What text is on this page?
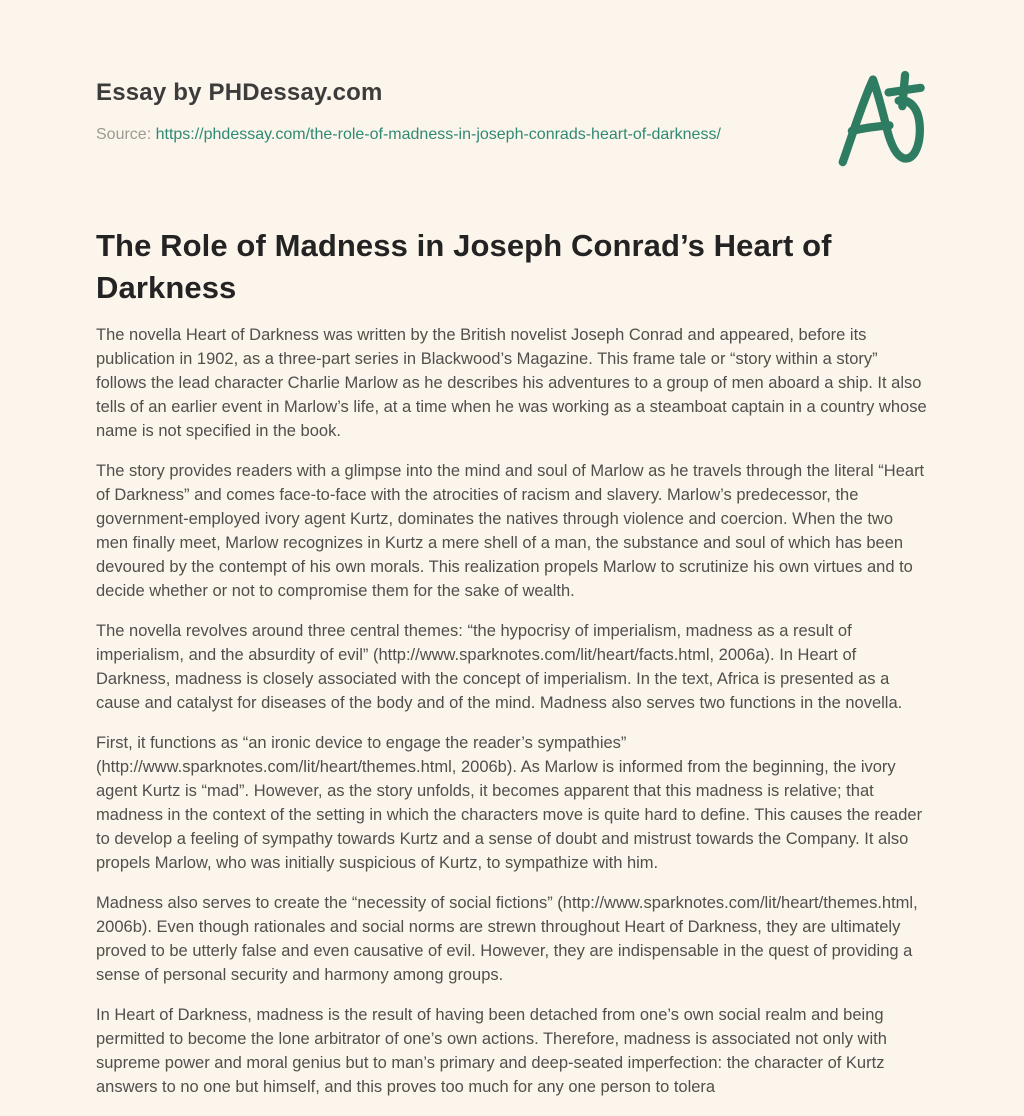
Essay by PHDessay.com
Source: https://phdessay.com/the-role-of-madness-in-joseph-conrads-heart-of-darkness/
The Role of Madness in Joseph Conrad’s Heart of Darkness

The novella Heart of Darkness was written by the British novelist Joseph Conrad and appeared, before its publication in 1902, as a three-part series in Blackwood’s Magazine. This frame tale or “story within a story” follows the lead character Charlie Marlow as he describes his adventures to a group of men aboard a ship. It also tells of an earlier event in Marlow’s life, at a time when he was working as a steamboat captain in a country whose name is not specified in the book.

The story provides readers with a glimpse into the mind and soul of Marlow as he travels through the literal “Heart of Darkness” and comes face-to-face with the atrocities of racism and slavery. Marlow’s predecessor, the government-employed ivory agent Kurtz, dominates the natives through violence and coercion. When the two men finally meet, Marlow recognizes in Kurtz a mere shell of a man, the substance and soul of which has been devoured by the contempt of his own morals. This realization propels Marlow to scrutinize his own virtues and to decide whether or not to compromise them for the sake of wealth.

The novella revolves around three central themes: “the hypocrisy of imperialism, madness as a result of imperialism, and the absurdity of evil” (http://www.sparknotes.com/lit/heart/facts.html, 2006a). In Heart of Darkness, madness is closely associated with the concept of imperialism. In the text, Africa is presented as a cause and catalyst for diseases of the body and of the mind. Madness also serves two functions in the novella.

First, it functions as “an ironic device to engage the reader’s sympathies” (http://www.sparknotes.com/lit/heart/themes.html, 2006b). As Marlow is informed from the beginning, the ivory agent Kurtz is “mad”. However, as the story unfolds, it becomes apparent that this madness is relative; that madness in the context of the setting in which the characters move is quite hard to define. This causes the reader to develop a feeling of sympathy towards Kurtz and a sense of doubt and mistrust towards the Company. It also propels Marlow, who was initially suspicious of Kurtz, to sympathize with him.

Madness also serves to create the “necessity of social fictions” (http://www.sparknotes.com/lit/heart/themes.html, 2006b). Even though rationales and social norms are strewn throughout Heart of Darkness, they are ultimately proved to be utterly false and even causative of evil. However, they are indispensable in the quest of providing a sense of personal security and harmony among groups.

In Heart of Darkness, madness is the result of having been detached from one’s own social realm and being permitted to become the lone arbitrator of one’s own actions. Therefore, madness is associated not only with supreme power and moral genius but to man’s primary and deep-seated imperfection: the character of Kurtz answers to no one but himself, and this proves too much for any one person to tolera
